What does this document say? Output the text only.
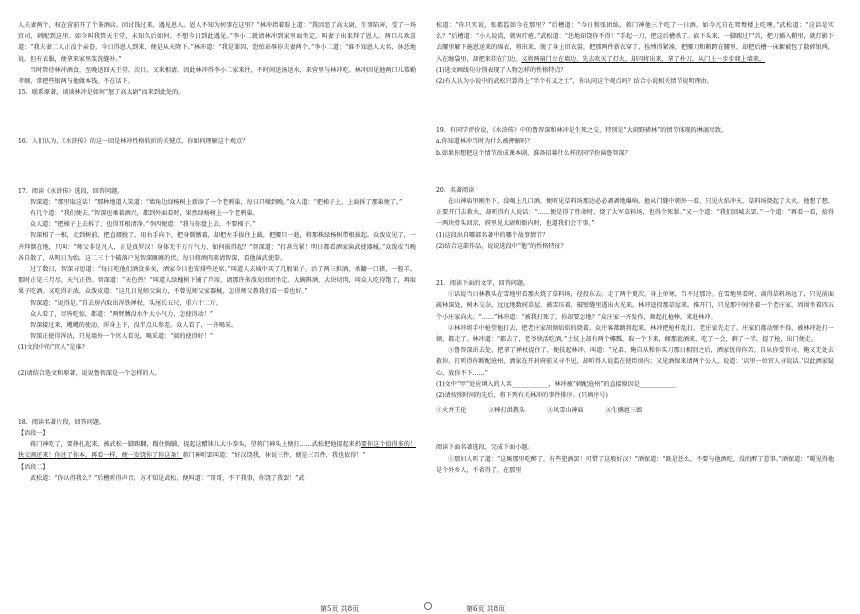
人夫妻两个，权在营前开了个茶酒店。因讨钱过来，遇见恩人。恩人不知为何事在这里？”林冲指着脸上道：“我因恶了高太尉，生事陷害，受了一场官司，刺配到这里。如今叫我管天王堂，未知久后如何。不想今日到此遇见。”李小二就请林冲到家里面坐定，叫妻子出来拜了恩人。两口儿欢喜道：“我夫妻二人正没个亲眷，今日得恩人到来，便是从天降下。”林冲道：“我是罪囚，恐怕玷辱你夫妻两个。”李小二道：“谁不知恩人大名，休恁地说。但有衣服，便拿来家里浆洗缝补。”

当时管待林冲酒食，至晚送回天王堂。次日，又来相请。因此林冲得李小二家来往，不时间送汤送水，来营里与林冲吃。林冲因见他两口儿恭勤孝顺，常把些银两与他做本钱。不在话下。

15．联系原著，谈谈林冲是如何“怒了高太尉”而来到此处的。

16．人们认为，《水浒传》的这一回是林冲性格转折的关键点，你如何理解这个观点？

17．阅读《水浒传》选段，回答问题。

智深道：“那里取这话！”那种地道人笑道：“墙角边绿杨树上新添了一个老鸦巢，每日只噪到晚。”众人道：“把梯子上，上面拆了那巢便了。”

有几个道：“我们便去。”智深也乘着酒兴，都到外面看时，果然绿杨树上一个老鸦巢。

众人道：“把梯子上去拆了，也得耳根清净。”李四便道：“我与你盘上去，不要梯子。”

智深相了一相，走到树前，把直裰脱了，用右手向下，把身倒缴着，却把左手拔住上截，把腰只一趁，将那株绿杨树带根拔起。众泼皮见了，一齐拜倒在地，只叫：“师父非是凡人，正是真罗汉！身体无千万斤气力，如何拔得起？”智深道：“打甚鸟紧！明日都看洒家演武使器械。”众泼皮当晚各自散了，从明日为始，这二三十个破落户见智深匾匾的伏，每日将酒肉来请智深，看他演武使拳。

过了数日，智深寻思道：“每日吃他们酒食多矣，洒家今日也安排些还席。”叫道人去城中买了几般果子，沽了两三担酒，杀翻一口猪，一腔羊。那时正是三月尽，天气正热。智深道：“天色热！”叫道人绿槐树下铺了芦席，请那许多泼皮团团坐定。大碗斟酒，大块切肉，叫众人吃得饱了，再取果子吃酒。又吃得正浓，众泼皮道：“这几日见师父演力，不曾见师父家器械，怎得师父教我们看一看也好。”

智深道：“说得是。”自去房内取出浑铁禅杖，头尾长五尺，重六十二斤。

众人看了，尽皆吃惊，都道：“两臂膊没水牛大小气力，怎使得动！”

智深接过来，飕飕的使动，浑身上下，没半点儿参差。众人看了，一齐喝采。

智深正使得浑沽，只见墙外一个官人看见，喝采道：“端的使得好！”

(1)文段中的“官人”是谁？

(2)请结合选文和原著，说说鲁智深是一个怎样的人。

18．阅读名著片段，回答问题。

【语段一】

蒋门神吃了，要挣扎起来，被武松一脚踢翻，蹋住胸脯，提起这醋钵儿大小拳头，望蒋门神头上便打……武松把他提起来扔要你这个值得多的！快交割还来！你还了你本，再看一样，便一发饶你了你这条！蒋门神听罢叫道：“好汉饶我，休说三件，便是三百件，我也依得！”

【语段二】

武松道：“你认得我么？”后槽听得声音，方才知是武松，便叫道：“哥哥，不干我事，你饶了我罢！”武

松道：“你只实说，张都监如今在那里？”后槽道：“今日和张团练、蒋门神他三个吃了一日酒，如今兀自在鸳鸯楼上吃哩。”武松道：“这话是实么？”后槽道：“小人说谎，就害疔疮。”武松道：“恁地却饶你不得！”手起一刀，把这后槽杀了。砍下头来，一脚踢过尸首，把刀插入鞘里，就灯影下去腰里解下施恩送来的绵衣，将出来，脱了身上旧衣裳，把那两件新衣穿了，拴缚得紧凑，把腰刀和鞘跨在腰里，却把后槽一床絮被包了散碎银两，入在缠袋里，却把来挂在门边。又将两扇门立在墙边，先去吹灭了灯火，却闪将出来，拿了朴刀，从门上一步步爬上墙来。

(1)选文画线句分别表现了人物怎样的性格特点？

(2)有人认为小说中的武松只算得上“半个有义之士”，你认同这个观点吗？结合小说相关情节说明理由。

19．有同学评价说，《水浒传》中的鲁智深和林冲是生死之交，特别是“大闹野猪林”的情节体现的淋漓尽致。

a.你知道林冲当时为什么被押解吗？

b.如果你想把这个情节改成课本剧，准备招募什么样的同学扮演鲁智深？

20．名著阅读

在山神庙里刚坐下，没喝上几口酒，便听见草料场那边必必剥剥地爆响。他从门缝中朝外一看，只见火焰冲天，草料场烧起了大火。他想了想，正要开门去救火，却听得有人说话：“……便是得了性命时，烧了大军草料场，也得个死罪。”又一个道：“我们回城去罢。”一个道：“再看一看，拾得一两块骨头回京，府里见太尉和衙内时，也道我们会干事。”

(1)这段出自哪部名著中的哪个故事情节？

(2)结合这部作品，说说选段中“他”的性格特征？

21．阅读下面的文字，回答问题。

①话说当日林教头在雪地里看那火烧了草料场，径投东去。走了两个更次，身上单寒，当不过那冷。在雪地里看时，离得草料场远了，只见前面疏林深处，树木交杂，远远地数间草屋，被雪压着，破壁缝里透出火光来。林冲迳投那草屋来。推开门，只见那中间坐着一个老庄家，周围坐着四五个小庄家向火。“……”林冲道：“被我打死了，你却要怎地？”众庄家一齐发作，舞起扎枪棒，来赶林冲。

②林冲将手中枪望他打去，把老庄家胡须焰焰的烧着。众庄客都跳将起来。林冲把枪杆乱打，老庄家先走了。庄家们都动弹不得，被林冲赶打一顿，都走了。林冲道：“都去了，老爷快活吃酒。”土炕上却有两个椰瓢，取一个下来，倾那瓮酒来，吃了一会，剩了一半，提了枪，出门便走。

③鲁智深出去处，把拿了禅杖提住了，便扶起林冲，叫道：“兄弟，俺自从和你买刀那日相别之后，洒家忧得你苦。自从你受官司，俺又无处去救你。打听得你断配沧州，洒家在开封府前又寻不见，却听得人说监在使臣房内；又见酒保来请两个公人，说道：‘店里一位官人寻说话。’以此洒家疑心，放你不下……”

(1)文中“甲”处应填入的人名____________，林冲被“刺配沧州”的直接原因是____________

(2)请按照时间的先后，将下列有关林冲的事件排序。(只填序号)

①火并王伦	②棒打洪教头	③风雪山神庙	④生擒扈三娘

阅读下面名著选段，完成下面小题。

①那妇人听了道：“这厮那里吃醉了，有些犯酒罢！可惜了这般好汉！”酒保道：“既是恁么，不要与他酒吃，没的醉了惹事。”酒保道：“嗄见得他是个外乡人，不省得了，在那里

第5页 共8页	第6页 共8页
